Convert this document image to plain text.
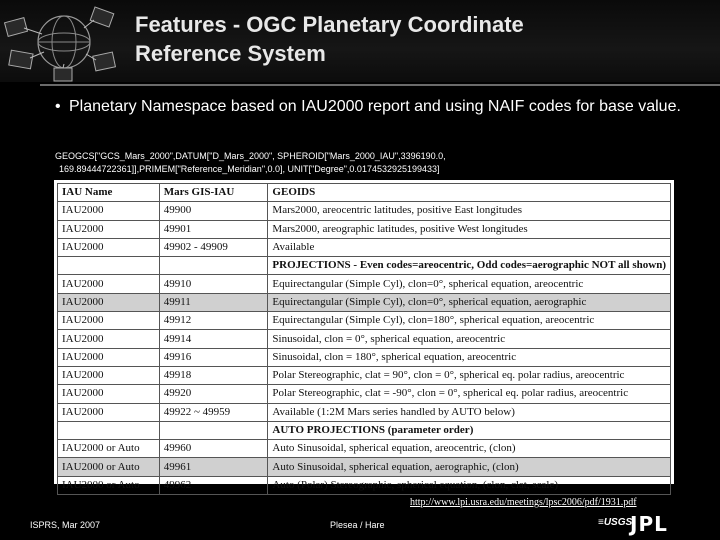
Features - OGC Planetary Coordinate
Reference System
• Planetary Namespace based on IAU2000 report and using NAIF codes for base value.
GEOGCS["GCS_Mars_2000",DATUM["D_Mars_2000", SPHEROID["Mars_2000_IAU",3396190.0,
169.89444722361]],PRIMEM["Reference_Meridian",0.0], UNIT["Degree",0.0174532925199433]
IAU Name	Mars GIS-IAU	GEOIDS
IAU2000	49900	Mars2000, areocentric latitudes, positive East longitudes
IAU2000	49901	Mars2000, areographic latitudes, positive West longitudes
IAU2000	49902 - 49909	Available
		PROJECTIONS - Even codes=areocentric, Odd codes=aerographic NOT all shown)
IAU2000	49910	Equirectangular (Simple Cyl), clon=0°, spherical equation, areocentric
IAU2000	49911	Equirectangular (Simple Cyl), clon=0°, spherical equation, aerographic
IAU2000	49912	Equirectangular (Simple Cyl), clon=180°, spherical equation, areocentric
IAU2000	49914	Sinusoidal, clon = 0°, spherical equation, areocentric
IAU2000	49916	Sinusoidal, clon = 180°, spherical equation, areocentric
IAU2000	49918	Polar Stereographic, clat = 90°, clon = 0°, spherical eq. polar radius, areocentric
IAU2000	49920	Polar Stereographic, clat = -90°, clon = 0°, spherical eq. polar radius, areocentric
IAU2000	49922 ~ 49959	Available (1:2M Mars series handled by AUTO below)
		AUTO PROJECTIONS (parameter order)
IAU2000 or Auto	49960	Auto Sinusoidal, spherical equation, areocentric, (clon)
IAU2000 or Auto	49961	Auto Sinusoidal, spherical equation, aerographic, (clon)
IAU2000 or Auto	49962	Auto (Polar) Stereographic, spherical equation, (clon, clat, scale)
http://www.lpi.usra.edu/meetings/lpsc2006/pdf/1931.pdf
ISPRS, Mar 2007	Plesea / Hare	≡USGS
JPL
